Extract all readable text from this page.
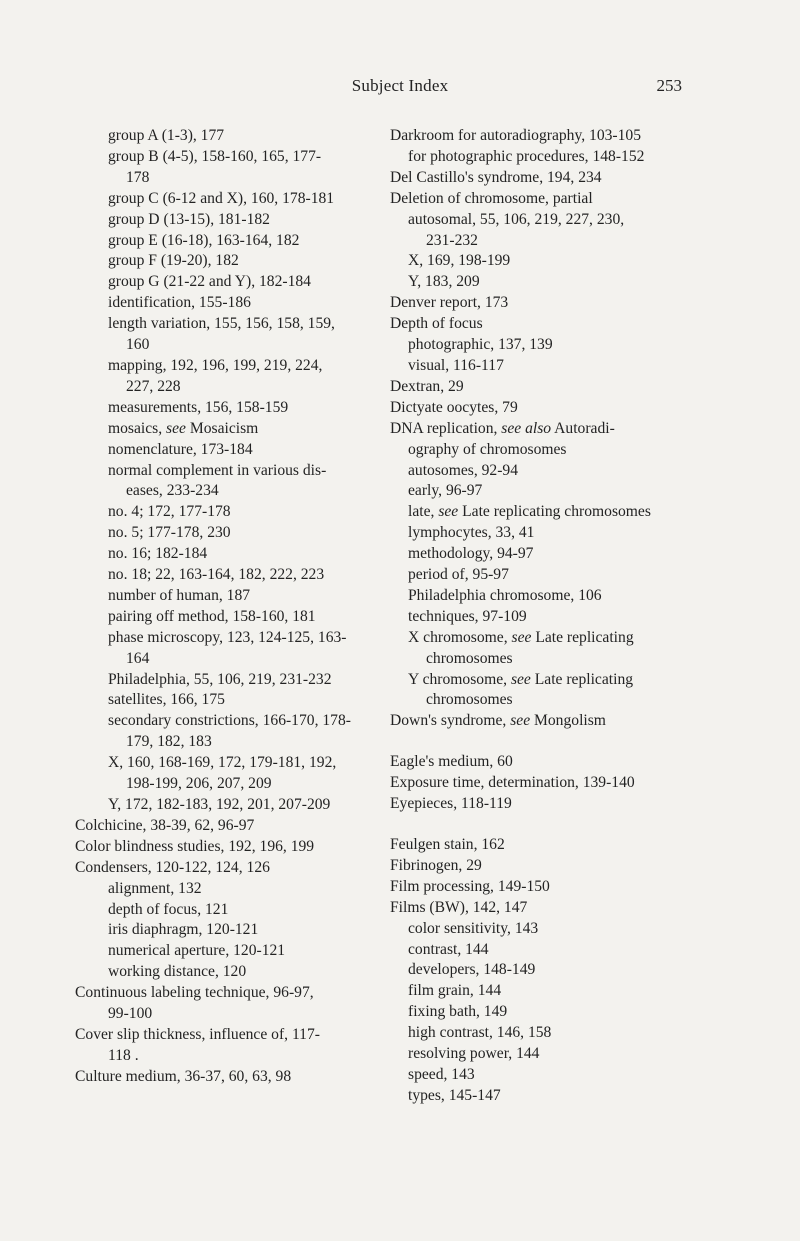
Subject Index	253
group A (1-3), 177
group B (4-5), 158-160, 165, 177-
178
group C (6-12 and X), 160, 178-181
group D (13-15), 181-182
group E (16-18), 163-164, 182
group F (19-20), 182
group G (21-22 and Y), 182-184
identification, 155-186
length variation, 155, 156, 158, 159,
160
mapping, 192, 196, 199, 219, 224,
227, 228
measurements, 156, 158-159
mosaics, see Mosaicism
nomenclature, 173-184
normal complement in various dis-
eases, 233-234
no. 4; 172, 177-178
no. 5; 177-178, 230
no. 16; 182-184
no. 18; 22, 163-164, 182, 222, 223
number of human, 187
pairing off method, 158-160, 181
phase microscopy, 123, 124-125, 163-
164
Philadelphia, 55, 106, 219, 231-232
satellites, 166, 175
secondary constrictions, 166-170, 178-
179, 182, 183
X, 160, 168-169, 172, 179-181, 192,
198-199, 206, 207, 209
Y, 172, 182-183, 192, 201, 207-209
Colchicine, 38-39, 62, 96-97
Color blindness studies, 192, 196, 199
Condensers, 120-122, 124, 126
alignment, 132
depth of focus, 121
iris diaphragm, 120-121
numerical aperture, 120-121
working distance, 120
Continuous labeling technique, 96-97,
99-100
Cover slip thickness, influence of, 117-
118 .
Culture medium, 36-37, 60, 63, 98
Darkroom for autoradiography, 103-105
for photographic procedures, 148-152
Del Castillo's syndrome, 194, 234
Deletion of chromosome, partial
autosomal, 55, 106, 219, 227, 230,
231-232
X, 169, 198-199
Y, 183, 209
Denver report, 173
Depth of focus
photographic, 137, 139
visual, 116-117
Dextran, 29
Dictyate oocytes, 79
DNA replication, see also Autoradi-
ography of chromosomes
autosomes, 92-94
early, 96-97
late, see Late replicating chromosomes
lymphocytes, 33, 41
methodology, 94-97
period of, 95-97
Philadelphia chromosome, 106
techniques, 97-109
X chromosome, see Late replicating
chromosomes
Y chromosome, see Late replicating
chromosomes
Down's syndrome, see Mongolism
Eagle's medium, 60
Exposure time, determination, 139-140
Eyepieces, 118-119
Feulgen stain, 162
Fibrinogen, 29
Film processing, 149-150
Films (BW), 142, 147
color sensitivity, 143
contrast, 144
developers, 148-149
film grain, 144
fixing bath, 149
high contrast, 146, 158
resolving power, 144
speed, 143
types, 145-147
